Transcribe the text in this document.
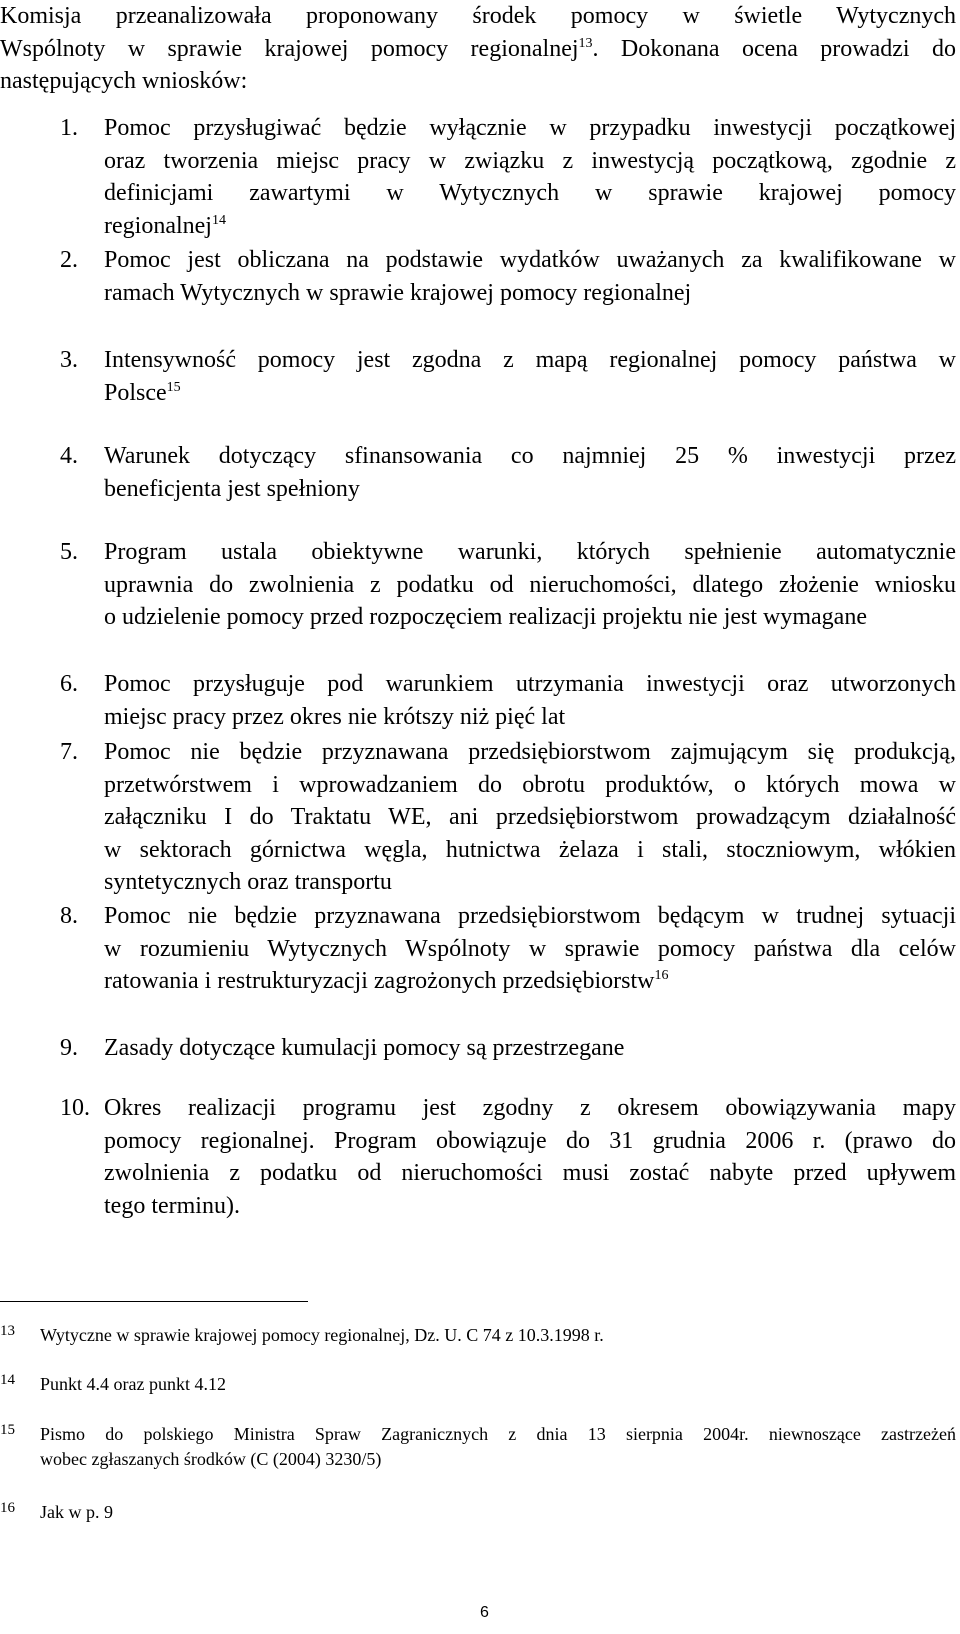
Komisja przeanalizowała proponowany środek pomocy w świetle Wytycznych
Wspólnoty w sprawie krajowej pomocy regionalnej$^{13}$. Dokonana ocena prowadzi do
następujących wniosków:
1.	Pomoc przysługiwać będzie wyłącznie w przypadku inwestycji początkowej
oraz tworzenia miejsc pracy w związku z inwestycją początkową, zgodnie z
definicjami zawartymi w Wytycznych w sprawie krajowej pomocy
regionalnej$^{14}$
2.	Pomoc jest obliczana na podstawie wydatków uważanych za kwalifikowane w
ramach Wytycznych w sprawie krajowej pomocy regionalnej
3.	Intensywność pomocy jest zgodna z mapą regionalnej pomocy państwa w
Polsce$^{15}$
4.	Warunek dotyczący sfinansowania co najmniej 25 % inwestycji przez
beneficjenta jest spełniony
5.	Program ustala obiektywne warunki, których spełnienie automatycznie
uprawnia do zwolnienia z podatku od nieruchomości, dlatego złożenie wniosku
o udzielenie pomocy przed rozpoczęciem realizacji projektu nie jest wymagane
6.	Pomoc przysługuje pod warunkiem utrzymania inwestycji oraz utworzonych
miejsc pracy przez okres nie krótszy niż pięć lat
7.	Pomoc nie będzie przyznawana przedsiębiorstwom zajmującym się produkcją,
przetwórstwem i wprowadzaniem do obrotu produktów, o których mowa w
załączniku I do Traktatu WE, ani przedsiębiorstwom prowadzącym działalność
w sektorach górnictwa węgla, hutnictwa żelaza i stali, stoczniowym, włókien
syntetycznych oraz transportu
8.	Pomoc nie będzie przyznawana przedsiębiorstwom będącym w trudnej sytuacji
w rozumieniu Wytycznych Wspólnoty w sprawie pomocy państwa dla celów
ratowania i restrukturyzacji zagrożonych przedsiębiorstw$^{16}$
9.	Zasady dotyczące kumulacji pomocy są przestrzegane
10. Okres realizacji programu jest zgodny z okresem obowiązywania mapy
pomocy regionalnej. Program obowiązuje do 31 grudnia 2006 r. (prawo do
zwolnienia z podatku od nieruchomości musi zostać nabyte przed upływem
tego terminu).
13 Wytyczne w sprawie krajowej pomocy regionalnej, Dz. U. C 74 z 10.3.1998 r.
14 Punkt 4.4 oraz punkt 4.12
15 Pismo do polskiego Ministra Spraw Zagranicznych z dnia 13 sierpnia 2004r. niewnoszące zastrzeżeń
wobec zgłaszanych środków (C (2004) 3230/5)
16 Jak w p. 9
6
